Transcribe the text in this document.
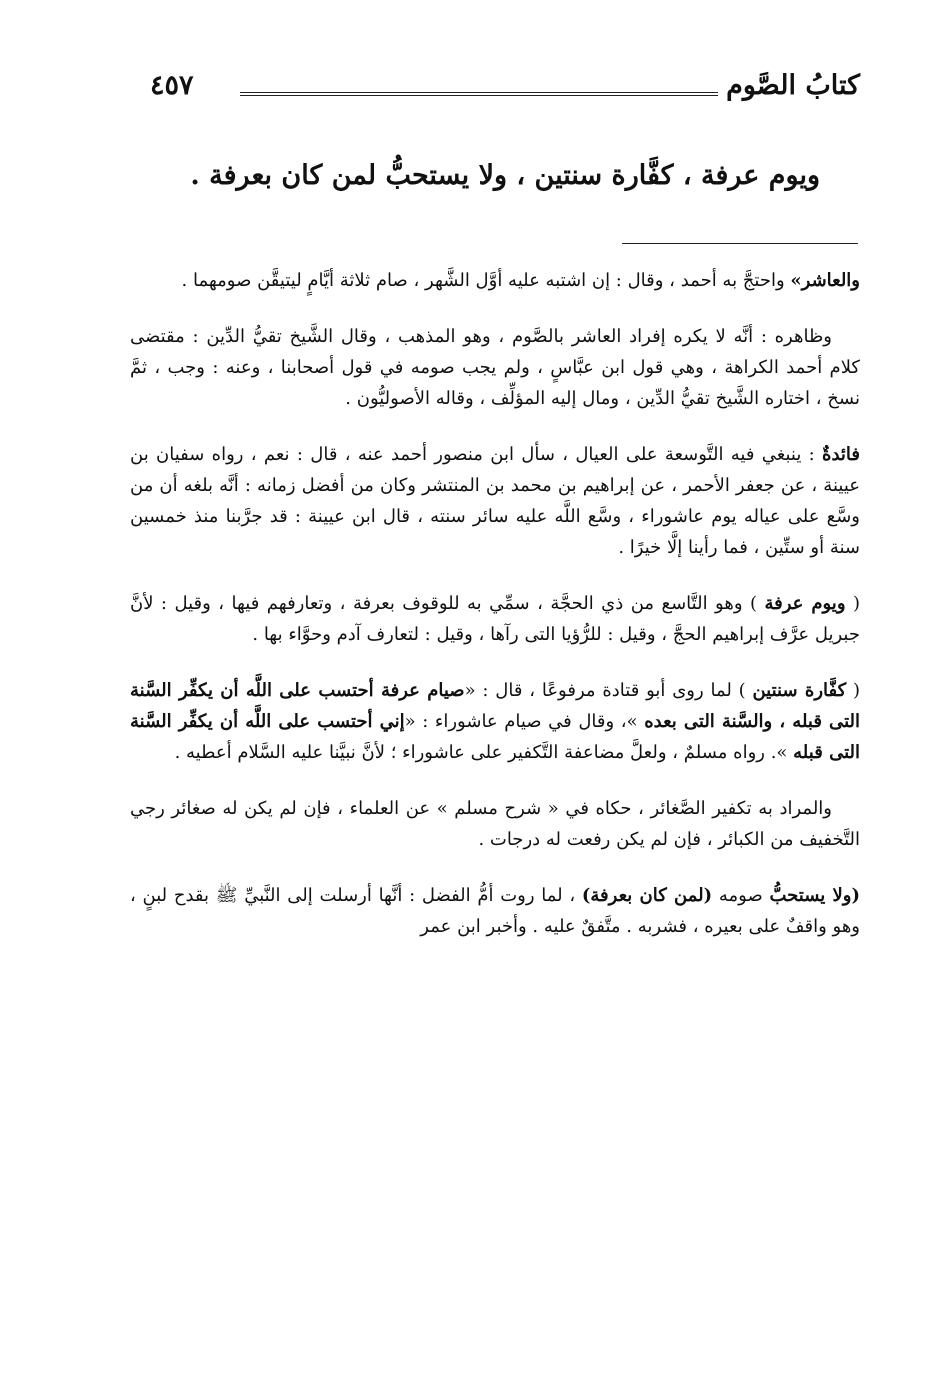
كتابُ الصَّوم
٤٥٧
ويوم عرفة ، كفَّارة سنتين ، ولا يستحبُّ لمن كان بعرفة .

والعاشر» واحتجَّ به أحمد ، وقال : إن اشتبه عليه أوَّل الشَّهر ، صام ثلاثة أيَّامٍ ليتيقَّن صومهما .

وظاهره : أنَّه لا يكره إفراد العاشر بالصَّوم ، وهو المذهب ، وقال الشَّيخ تقيُّ الدِّين : مقتضى كلام أحمد الكراهة ، وهي قول ابن عبَّاسٍ ، ولم يجب صومه في قول أصحابنا ، وعنه : وجب ، ثمَّ نسخ ، اختاره الشَّيخ تقيُّ الدِّين ، ومال إليه المؤلِّف ، وقاله الأصوليُّون .

فائدةٌ : ينبغي فيه التَّوسعة على العيال ، سأل ابن منصور أحمد عنه ، قال : نعم ، رواه سفيان بن عيينة ، عن جعفر الأحمر ، عن إبراهيم بن محمد بن المنتشر وكان من أفضل زمانه : أنَّه بلغه أن من وسَّع على عياله يوم عاشوراء ، وسَّع اللَّه عليه سائر سنته ، قال ابن عيينة : قد جرَّبنا منذ خمسين سنة أو ستِّين ، فما رأينا إلَّا خيرًا .

( ويوم عرفة ) وهو التَّاسع من ذي الحجَّة ، سمِّي به للوقوف بعرفة ، وتعارفهم فيها ، وقيل : لأنَّ جبريل عرَّف إبراهيم الحجَّ ، وقيل : للرُّؤيا التى رآها ، وقيل : لتعارف آدم وحوَّاء بها .

( كفَّارة سنتين ) لما روى أبو قتادة مرفوعًا ، قال : «صيام عرفة أحتسب على اللَّه أن يكفِّر السَّنة التى قبله ، والسَّنة التى بعده »، وقال في صيام عاشوراء : «إني أحتسب على اللَّه أن يكفِّر السَّنة التى قبله ». رواه مسلمٌ ، ولعلَّ مضاعفة التَّكفير على عاشوراء ؛ لأنَّ نبيَّنا عليه السَّلام أعطيه .

والمراد به تكفير الصَّغائر ، حكاه في « شرح مسلم » عن العلماء ، فإن لم يكن له صغائر رجي التَّخفيف من الكبائر ، فإن لم يكن رفعت له درجات .

(ولا يستحبُّ صومه (لمن كان بعرفة) ، لما روت أمُّ الفضل : أنَّها أرسلت إلى النَّبيِّ ﷺ بقدح لبنٍ ، وهو واقفٌ على بعيره ، فشربه . متَّفقٌ عليه . وأخبر ابن عمر
